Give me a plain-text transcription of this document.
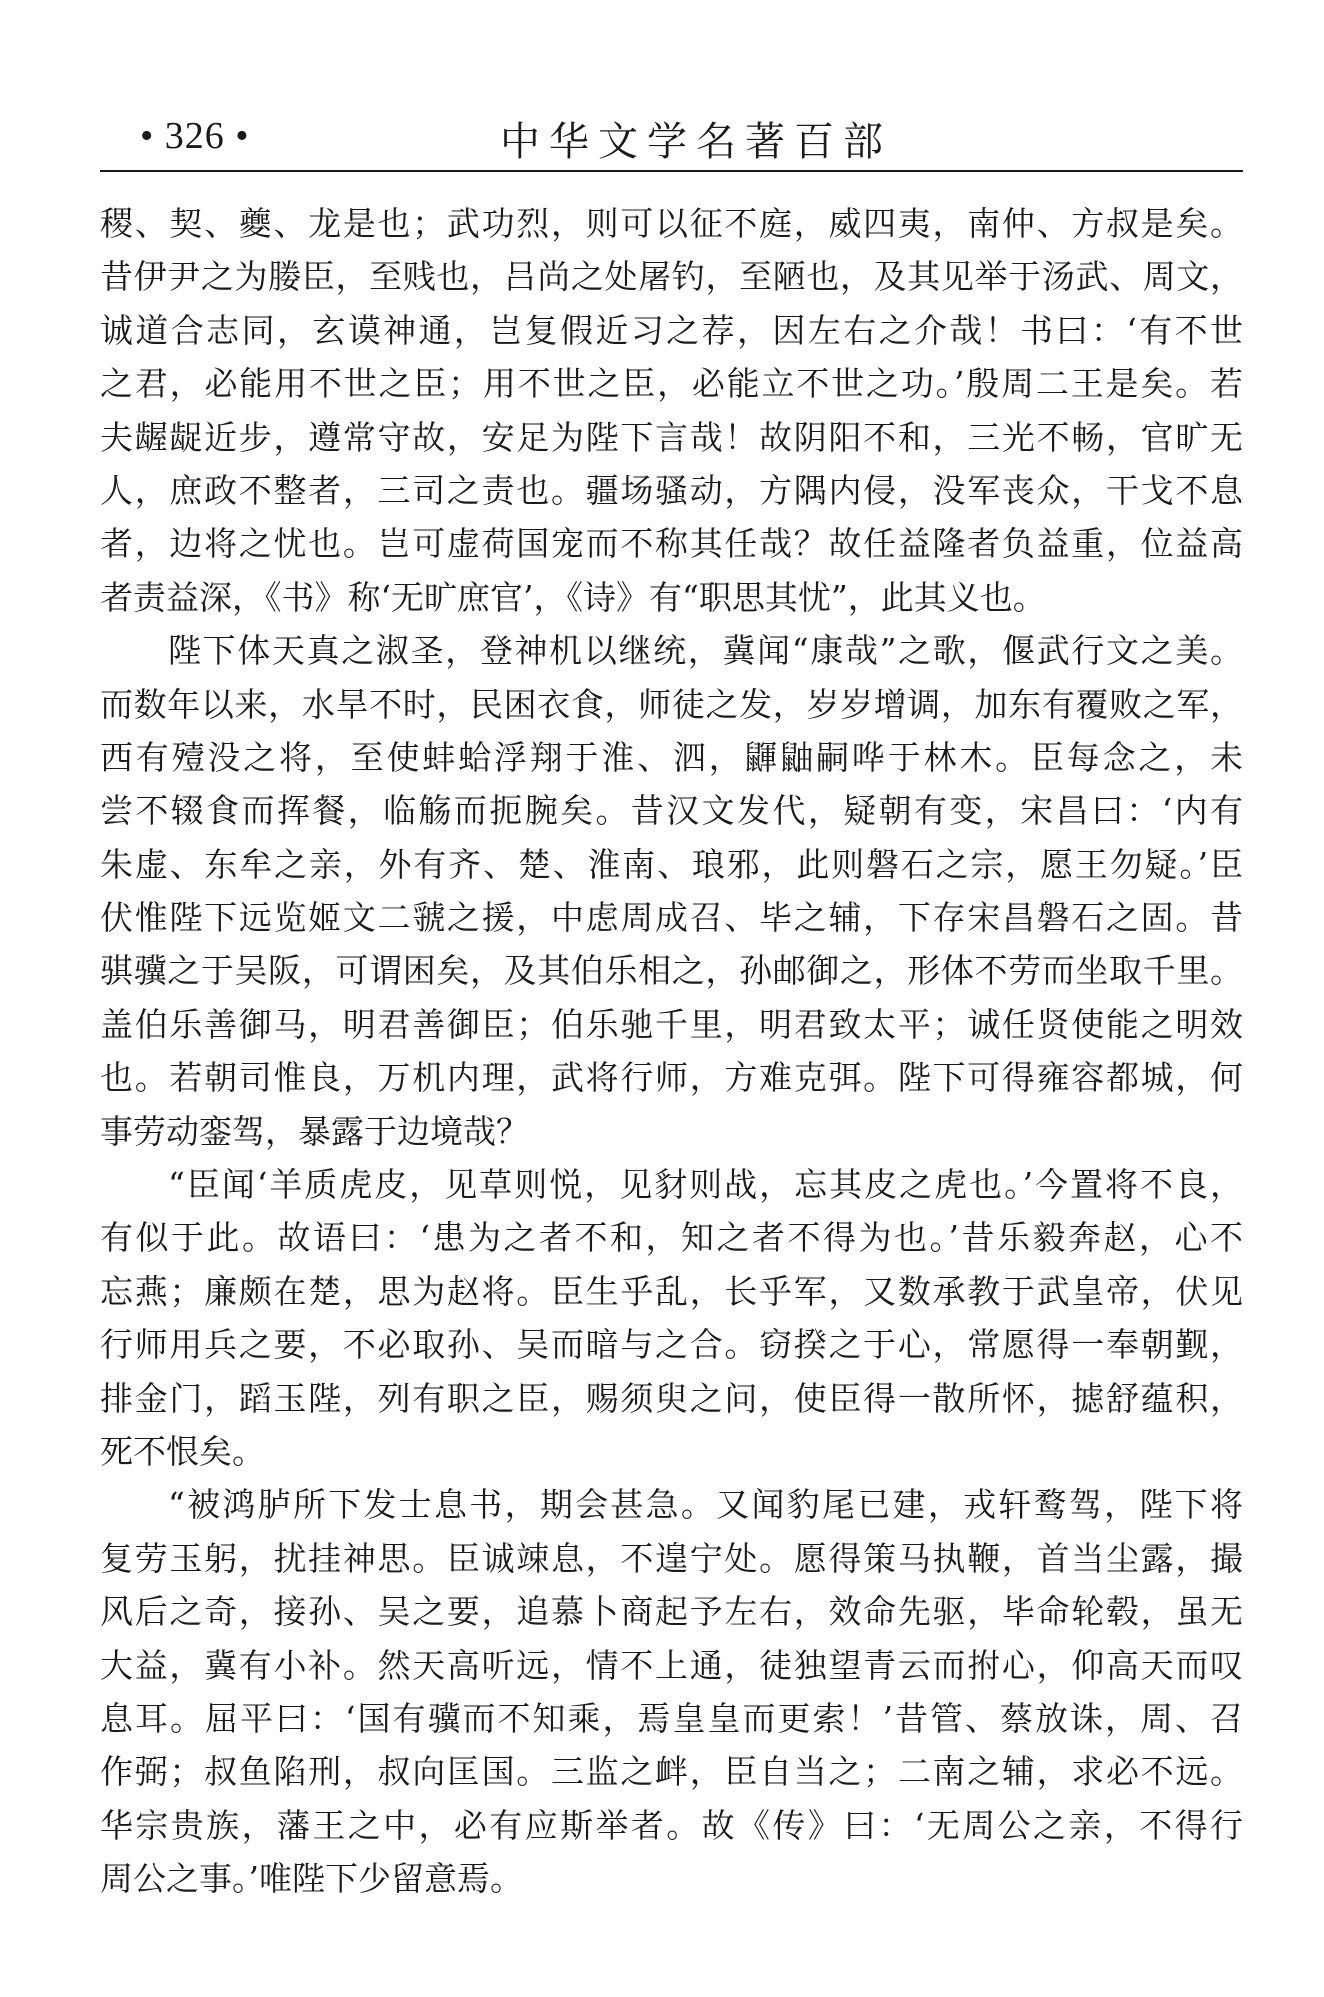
• 326 •	中华文学名著百部
稷、契、夔、龙是也；武功烈，则可以征不庭，威四夷，南仲、方叔是矣。
昔伊尹之为媵臣，至贱也，吕尚之处屠钓，至陋也，及其见举于汤武、周文，
诚道合志同，玄谟神通，岂复假近习之荐，因左右之介哉！书曰：‘有不世
之君，必能用不世之臣；用不世之臣，必能立不世之功。’殷周二王是矣。若
夫龌龊近步，遵常守故，安足为陛下言哉！故阴阳不和，三光不畅，官旷无
人，庶政不整者，三司之责也。疆场骚动，方隅内侵，没军丧众，干戈不息
者，边将之忧也。岂可虚荷国宠而不称其任哉？故任益隆者负益重，位益高
者责益深，《书》称‘无旷庶官’，《诗》有“职思其忧”，此其义也。
陛下体天真之淑圣，登神机以继统，冀闻“康哉”之歌，偃武行文之美。
而数年以来，水旱不时，民困衣食，师徒之发，岁岁增调，加东有覆败之军，
西有殪没之将，至使蚌蛤浮翔于淮、泗，鼲鼬嗣哗于林木。臣每念之，未
尝不辍食而挥餐，临觞而扼腕矣。昔汉文发代，疑朝有变，宋昌曰：‘内有
朱虚、东牟之亲，外有齐、楚、淮南、琅邪，此则磐石之宗，愿王勿疑。’臣
伏惟陛下远览姬文二虢之援，中虑周成召、毕之辅，下存宋昌磐石之固。昔
骐骥之于吴阪，可谓困矣，及其伯乐相之，孙邮御之，形体不劳而坐取千里。
盖伯乐善御马，明君善御臣；伯乐驰千里，明君致太平；诚任贤使能之明效
也。若朝司惟良，万机内理，武将行师，方难克弭。陛下可得雍容都城，何
事劳动銮驾，暴露于边境哉？
“臣闻‘羊质虎皮，见草则悦，见豺则战，忘其皮之虎也。’今置将不良，
有似于此。故语曰：‘患为之者不和，知之者不得为也。’昔乐毅奔赵，心不
忘燕；廉颇在楚，思为赵将。臣生乎乱，长乎军，又数承教于武皇帝，伏见
行师用兵之要，不必取孙、吴而暗与之合。窃揆之于心，常愿得一奉朝觐，
排金门，蹈玉陛，列有职之臣，赐须臾之问，使臣得一散所怀，摅舒蕴积，
死不恨矣。
“被鸿胪所下发士息书，期会甚急。又闻豹尾已建，戎轩鹜驾，陛下将
复劳玉躬，扰挂神思。臣诚竦息，不遑宁处。愿得策马执鞭，首当尘露，撮
风后之奇，接孙、吴之要，追慕卜商起予左右，效命先驱，毕命轮毂，虽无
大益，冀有小补。然天高听远，情不上通，徒独望青云而拊心，仰高天而叹
息耳。屈平曰：‘国有骥而不知乘，焉皇皇而更索！’昔管、蔡放诛，周、召
作弼；叔鱼陷刑，叔向匡国。三监之衅，臣自当之；二南之辅，求必不远。
华宗贵族，藩王之中，必有应斯举者。故《传》曰：‘无周公之亲，不得行
周公之事。’唯陛下少留意焉。
